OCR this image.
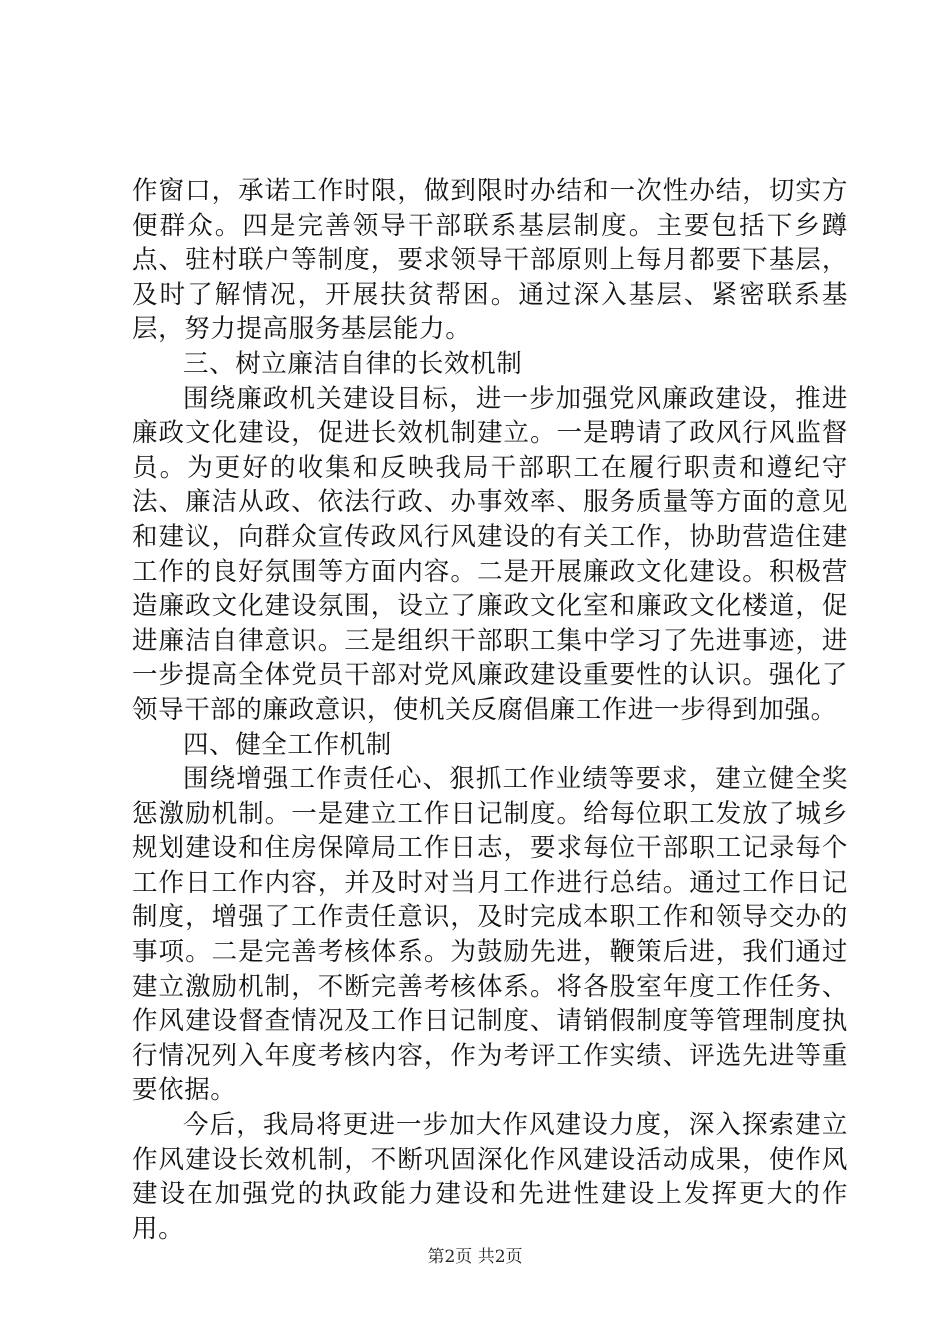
作窗口，承诺工作时限，做到限时办结和一次性办结，切实方便群众。四是完善领导干部联系基层制度。主要包括下乡蹲点、驻村联户等制度，要求领导干部原则上每月都要下基层，及时了解情况，开展扶贫帮困。通过深入基层、紧密联系基层，努力提高服务基层能力。

三、树立廉洁自律的长效机制

围绕廉政机关建设目标，进一步加强党风廉政建设，推进廉政文化建设，促进长效机制建立。一是聘请了政风行风监督员。为更好的收集和反映我局干部职工在履行职责和遵纪守法、廉洁从政、依法行政、办事效率、服务质量等方面的意见和建议，向群众宣传政风行风建设的有关工作，协助营造住建工作的良好氛围等方面内容。二是开展廉政文化建设。积极营造廉政文化建设氛围，设立了廉政文化室和廉政文化楼道，促进廉洁自律意识。三是组织干部职工集中学习了先进事迹，进一步提高全体党员干部对党风廉政建设重要性的认识。强化了领导干部的廉政意识，使机关反腐倡廉工作进一步得到加强。

四、健全工作机制

围绕增强工作责任心、狠抓工作业绩等要求，建立健全奖惩激励机制。一是建立工作日记制度。给每位职工发放了城乡规划建设和住房保障局工作日志，要求每位干部职工记录每个工作日工作内容，并及时对当月工作进行总结。通过工作日记制度，增强了工作责任意识，及时完成本职工作和领导交办的事项。二是完善考核体系。为鼓励先进，鞭策后进，我们通过建立激励机制，不断完善考核体系。将各股室年度工作任务、作风建设督查情况及工作日记制度、请销假制度等管理制度执行情况列入年度考核内容，作为考评工作实绩、评选先进等重要依据。

今后，我局将更进一步加大作风建设力度，深入探索建立作风建设长效机制，不断巩固深化作风建设活动成果，使作风建设在加强党的执政能力建设和先进性建设上发挥更大的作用。

第2页 共2页
